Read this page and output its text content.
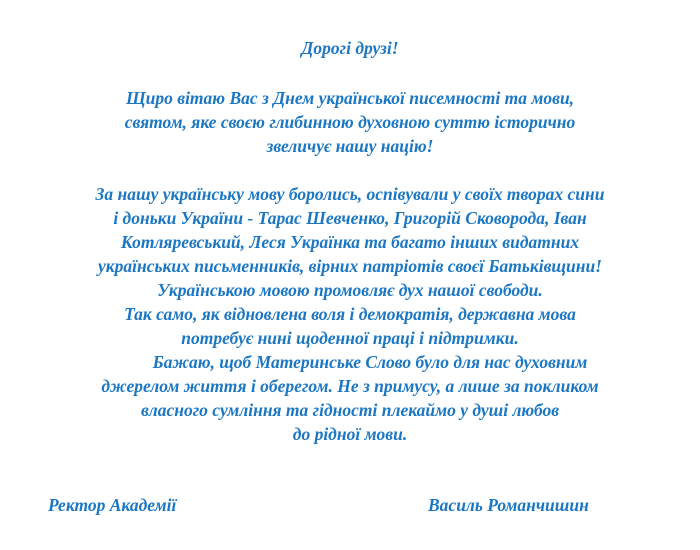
Дорогі друзі!
Щиро вітаю Вас з Днем української писемності та мови,
святом, яке своєю глибинною духовною суттю історично
звеличує нашу націю!
За нашу українську мову боролись, оспівували у своїх творах сини
і доньки України - Тарас Шевченко, Григорій Сковорода, Іван
Котляревський, Леся Українка та багато інших видатних
українських письменників, вірних патріотів своєї Батьківщини!
Українською мовою промовляє дух нашої свободи.
Так само, як відновлена воля і демократія, державна мова
потребує нині щоденної праці і підтримки.
Бажаю, щоб Материнське Слово було для нас духовним
джерелом життя і оберегом. Не з примусу, а лише за покликом
власного сумління та гідності плекаймо у душі любов
до рідної мови.
Ректор Академії	Василь Романчишин
